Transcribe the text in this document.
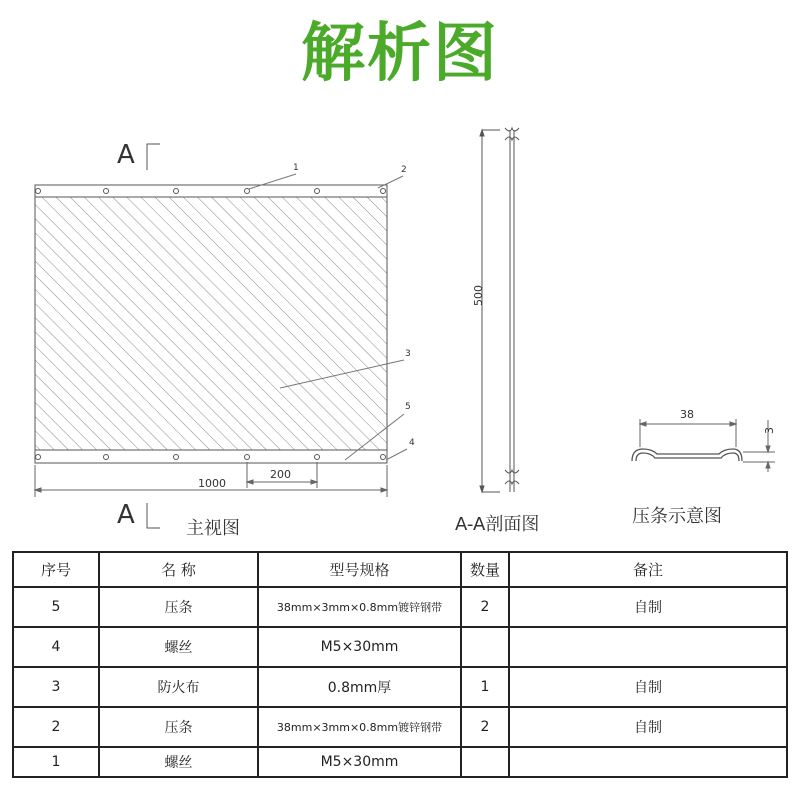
解析图
A
A	主视图
1	2
3
5
4
1000
200
500
A-A剖面图
38
3
压条示意图
序号	名 称	型号规格	数量	备注
5	压条	38mm×3mm×0.8mm镀锌钢带	2	自制
4	螺丝	M5×30mm		
3	防火布	0.8mm厚	1	自制
2	压条	38mm×3mm×0.8mm镀锌钢带	2	自制
1	螺丝	M5×30mm		
